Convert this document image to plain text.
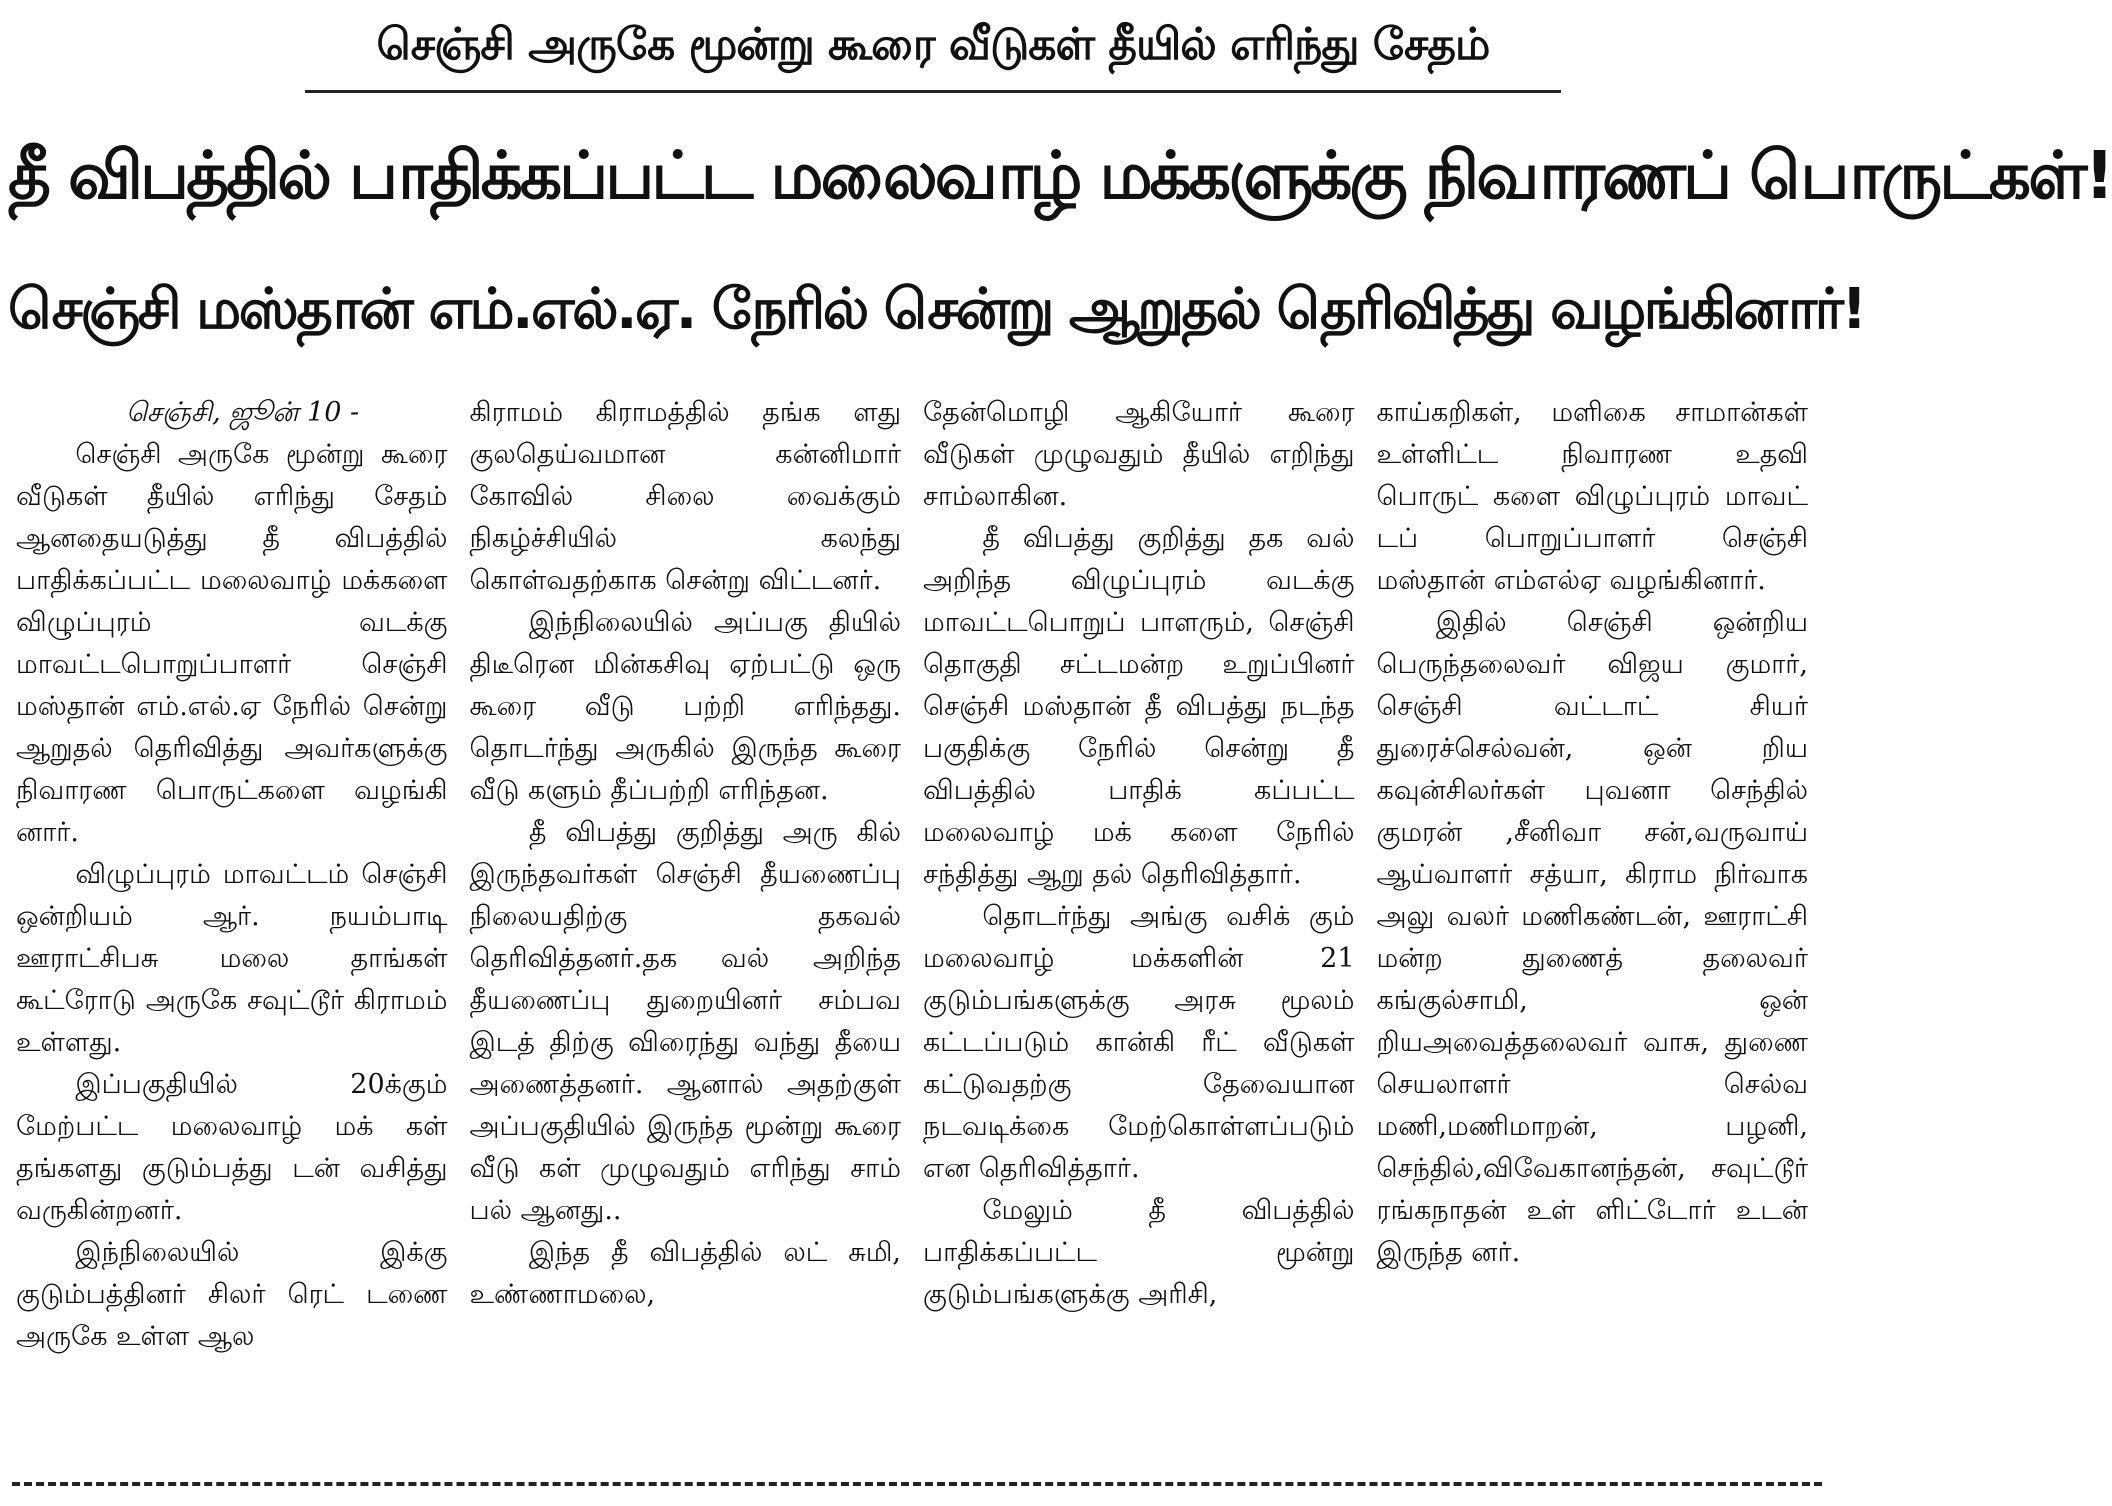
செஞ்சி அருகே மூன்று கூரை வீடுகள் தீயில் எரிந்து சேதம்
தீ விபத்தில் பாதிக்கப்பட்ட மலைவாழ் மக்களுக்கு நிவாரணப் பொருட்கள்!
செஞ்சி மஸ்தான் எம்.எல்.ஏ. நேரில் சென்று ஆறுதல் தெரிவித்து வழங்கினார்!

செஞ்சி, ஜூன் 10 -

செஞ்சி அருகே மூன்று கூரை வீடுகள் தீயில் எரிந்து சேதம் ஆனதையடுத்து தீ விபத்தில் பாதிக்கப்பட்ட மலைவாழ் மக்களை விழுப்புரம் வடக்கு மாவட்டபொறுப்பாளர் செஞ்சி மஸ்தான் எம்.எல்.ஏ நேரில் சென்று ஆறுதல் தெரிவித்து அவர்களுக்கு நிவாரண பொருட்களை வழங்கி னார்.

விழுப்புரம் மாவட்டம் செஞ்சி ஒன்றியம் ஆர். நயம்பாடி ஊராட்சிபசு மலை தாங்கள் கூட்ரோடு அருகே சவுட்டூர் கிராமம் உள்ளது.

இப்பகுதியில் 20க்கும் மேற்பட்ட மலைவாழ் மக் கள் தங்களது குடும்பத்து டன் வசித்து வருகின்றனர்.

இந்நிலையில் இக்கு குடும்பத்தினர் சிலர் ரெட் டணை அருகே உள்ள ஆல

கிராமம் கிராமத்தில் தங்க ளது குலதெய்வமான கன்னிமார் கோவில் சிலை வைக்கும் நிகழ்ச்சியில் கலந்து கொள்வதற்காக சென்று விட்டனர்.

இந்நிலையில் அப்பகு தியில் திடீரென மின்கசிவு ஏற்பட்டு ஒரு கூரை வீடு பற்றி எரிந்தது. தொடர்ந்து அருகில் இருந்த கூரை வீடு களும் தீப்பற்றி எரிந்தன.

தீ விபத்து குறித்து அரு கில் இருந்தவர்கள் செஞ்சி தீயணைப்பு நிலையதிற்கு தகவல் தெரிவித்தனர்.தக வல் அறிந்த தீயணைப்பு துறையினர் சம்பவ இடத் திற்கு விரைந்து வந்து தீயை அணைத்தனர். ஆனால் அதற்குள் அப்பகுதியில் இருந்த மூன்று கூரை வீடு கள் முழுவதும் எரிந்து சாம் பல் ஆனது..

இந்த தீ விபத்தில் லட் சுமி, உண்ணாமலை,

தேன்மொழி ஆகியோர் கூரை வீடுகள் முழுவதும் தீயில் எறிந்து சாம்லாகின.

தீ விபத்து குறித்து தக வல் அறிந்த விழுப்புரம் வடக்கு மாவட்டபொறுப் பாளரும், செஞ்சி தொகுதி சட்டமன்ற உறுப்பினர் செஞ்சி மஸ்தான் தீ விபத்து நடந்த பகுதிக்கு நேரில் சென்று தீ விபத்தில் பாதிக் கப்பட்ட மலைவாழ் மக் களை நேரில் சந்தித்து ஆறு தல் தெரிவித்தார்.

தொடர்ந்து அங்கு வசிக் கும் மலைவாழ் மக்களின் 21 குடும்பங்களுக்கு அரசு மூலம் கட்டப்படும் கான்கி ரீட் வீடுகள் கட்டுவதற்கு தேவையான நடவடிக்கை மேற்கொள்ளப்படும் என தெரிவித்தார்.

மேலும் தீ விபத்தில் பாதிக்கப்பட்ட மூன்று குடும்பங்களுக்கு அரிசி,

காய்கறிகள், மளிகை சாமான்கள் உள்ளிட்ட நிவாரண உதவி பொருட் களை விழுப்புரம் மாவட் டப் பொறுப்பாளர் செஞ்சி மஸ்தான் எம்எல்ஏ வழங்கினார்.

இதில் செஞ்சி ஒன்றிய பெருந்தலைவர் விஜய குமார், செஞ்சி வட்டாட் சியர் துரைச்செல்வன், ஒன் றிய கவுன்சிலர்கள் புவனா செந்தில் குமரன் ,சீனிவா சன்,வருவாய் ஆய்வாளர் சத்யா, கிராம நிர்வாக அலு வலர் மணிகண்டன், ஊராட்சி மன்ற துணைத் தலைவர் கங்குல்சாமி, ஒன் றியஅவைத்தலைவர் வாசு, துணை செயலாளர் செல்வ மணி,மணிமாறன், பழனி, செந்தில்,விவேகானந்தன், சவுட்டூர் ரங்கநாதன் உள் ளிட்டோர் உடன் இருந்த னர்.
